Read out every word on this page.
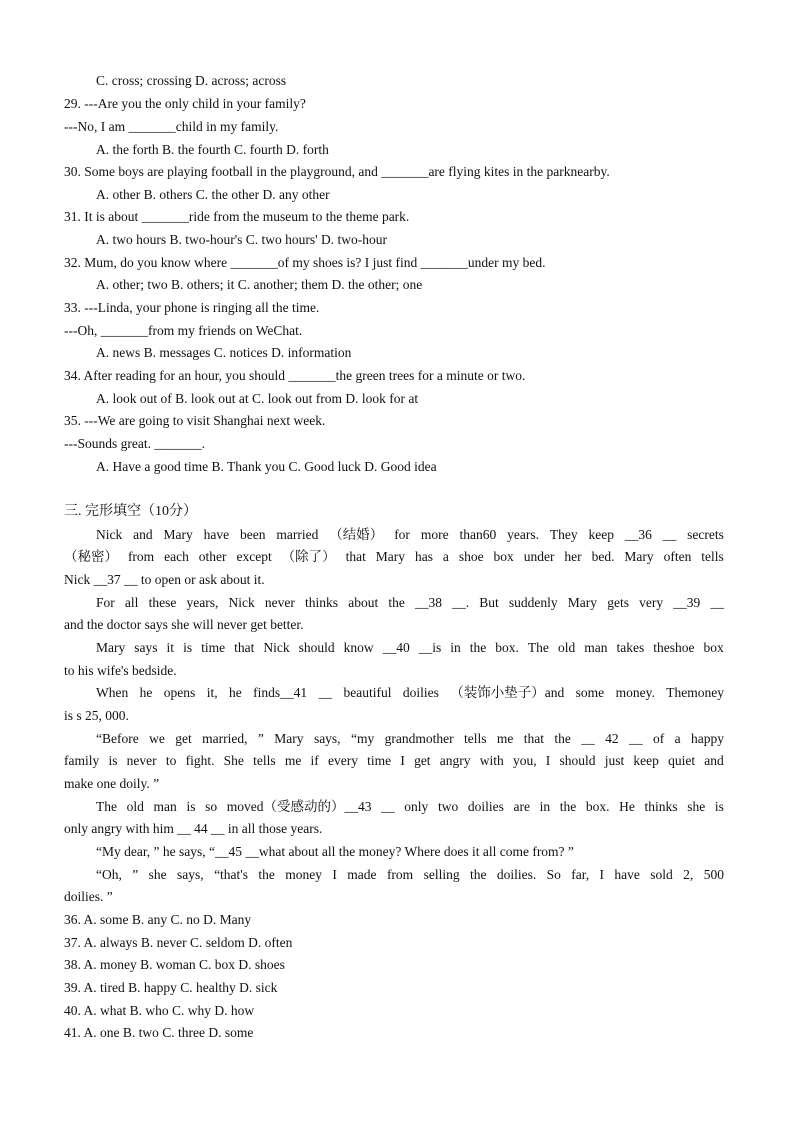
C. cross; crossing D. across; across
29. ---Are you the only child in your family?
---No, I am _______child in my family.
A. the forth B. the fourth C. fourth D. forth
30. Some boys are playing football in the playground, and _______are flying kites in the parknearby.
A. other B. others C. the other D. any other
31. It is about _______ride from the museum to the theme park.
A. two hours B. two-hour's C. two hours' D. two-hour
32. Mum, do you know where _______of my shoes is? I just find _______under my bed.
A. other; two B. others; it C. another; them D. the other; one
33. ---Linda, your phone is ringing all the time.
---Oh, _______from my friends on WeChat.
A. news B. messages C. notices D. information
34. After reading for an hour, you should _______the green trees for a minute or two.
A. look out of B. look out at C. look out from D. look for at
35. ---We are going to visit Shanghai next week.
---Sounds great. _______.
A. Have a good time B. Thank you C. Good luck D. Good idea
三. 完形填空（10分）
Nick and Mary have been married （结婚） for more than60 years. They keep __36 __ secrets
（秘密） from each other except （除了） that Mary has a shoe box under her bed. Mary often tells
Nick __37 __ to open or ask about it.
For all these years, Nick never thinks about the __38 __. But suddenly Mary gets very __39 __
and the doctor says she will never get better.
Mary says it is time that Nick should know __40 __is in the box. The old man takes theshoe box
to his wife's bedside.
When he opens it, he finds__41 __ beautiful doilies （装饰小垫子）and some money. Themoney
is s 25, 000.
“Before we get married, ” Mary says, “my grandmother tells me that the __ 42 __ of a happy
family is never to fight. She tells me if every time I get angry with you, I should just keep quiet and
make one doily. ”
The old man is so moved（受感动的）__43 __ only two doilies are in the box. He thinks she is
only angry with him __ 44 __ in all those years.
“My dear, ” he says, “__45 __what about all the money? Where does it all come from? ”
“Oh, ” she says, “that's the money I made from selling the doilies. So far, I have sold 2, 500
doilies. ”
36. A. some B. any C. no D. Many
37. A. always B. never C. seldom D. often
38. A. money B. woman C. box D. shoes
39. A. tired B. happy C. healthy D. sick
40. A. what B. who C. why D. how
41. A. one B. two C. three D. some
